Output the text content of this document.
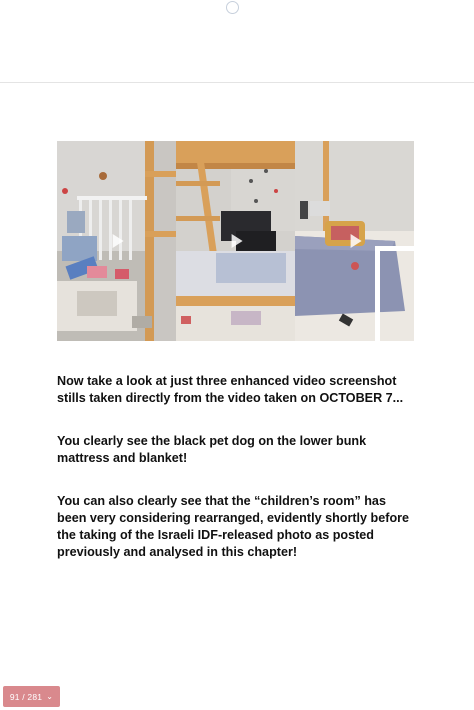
Now take a look at just three enhanced video screenshot stills taken directly from the video taken on OCTOBER 7...
You clearly see the black pet dog on the lower bunk mattress and blanket!
You can also clearly see that the “children’s room” has been very considering rearranged, evidently shortly before the taking of the Israeli IDF-released photo as posted previously and analysed in this chapter!
91 / 281 ⌄
